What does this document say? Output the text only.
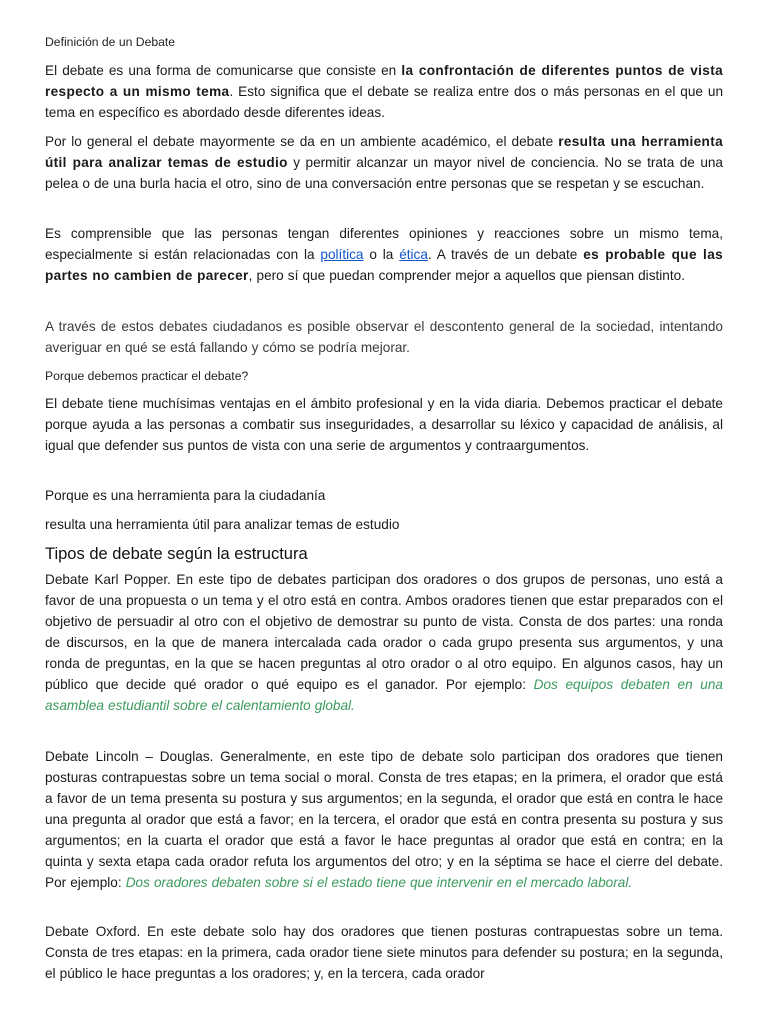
Definición de un Debate

El debate es una forma de comunicarse que consiste en la confrontación de diferentes puntos de vista respecto a un mismo tema. Esto significa que el debate se realiza entre dos o más personas en el que un tema en específico es abordado desde diferentes ideas.

Por lo general el debate mayormente se da en un ambiente académico, el debate resulta una herramienta útil para analizar temas de estudio y permitir alcanzar un mayor nivel de conciencia. No se trata de una pelea o de una burla hacia el otro, sino de una conversación entre personas que se respetan y se escuchan.

Es comprensible que las personas tengan diferentes opiniones y reacciones sobre un mismo tema, especialmente si están relacionadas con la política o la ética. A través de un debate es probable que las partes no cambien de parecer, pero sí que puedan comprender mejor a aquellos que piensan distinto.

A través de estos debates ciudadanos es posible observar el descontento general de la sociedad, intentando averiguar en qué se está fallando y cómo se podría mejorar.

Porque debemos practicar el debate?

El debate tiene muchísimas ventajas en el ámbito profesional y en la vida diaria. Debemos practicar el debate porque ayuda a las personas a combatir sus inseguridades, a desarrollar su léxico y capacidad de análisis, al igual que defender sus puntos de vista con una serie de argumentos y contraargumentos.

Porque es una herramienta para la ciudadanía
resulta una herramienta útil para analizar temas de estudio
Tipos de debate según la estructura

Debate Karl Popper. En este tipo de debates participan dos oradores o dos grupos de personas, uno está a favor de una propuesta o un tema y el otro está en contra. Ambos oradores tienen que estar preparados con el objetivo de persuadir al otro con el objetivo de demostrar su punto de vista. Consta de dos partes: una ronda de discursos, en la que de manera intercalada cada orador o cada grupo presenta sus argumentos, y una ronda de preguntas, en la que se hacen preguntas al otro orador o al otro equipo. En algunos casos, hay un público que decide qué orador o qué equipo es el ganador. Por ejemplo: Dos equipos debaten en una asamblea estudiantil sobre el calentamiento global.

Debate Lincoln – Douglas. Generalmente, en este tipo de debate solo participan dos oradores que tienen posturas contrapuestas sobre un tema social o moral. Consta de tres etapas; en la primera, el orador que está a favor de un tema presenta su postura y sus argumentos; en la segunda, el orador que está en contra le hace una pregunta al orador que está a favor; en la tercera, el orador que está en contra presenta su postura y sus argumentos; en la cuarta el orador que está a favor le hace preguntas al orador que está en contra; en la quinta y sexta etapa cada orador refuta los argumentos del otro; y en la séptima se hace el cierre del debate. Por ejemplo: Dos oradores debaten sobre si el estado tiene que intervenir en el mercado laboral.

Debate Oxford. En este debate solo hay dos oradores que tienen posturas contrapuestas sobre un tema. Consta de tres etapas: en la primera, cada orador tiene siete minutos para defender su postura; en la segunda, el público le hace preguntas a los oradores; y, en la tercera, cada orador
